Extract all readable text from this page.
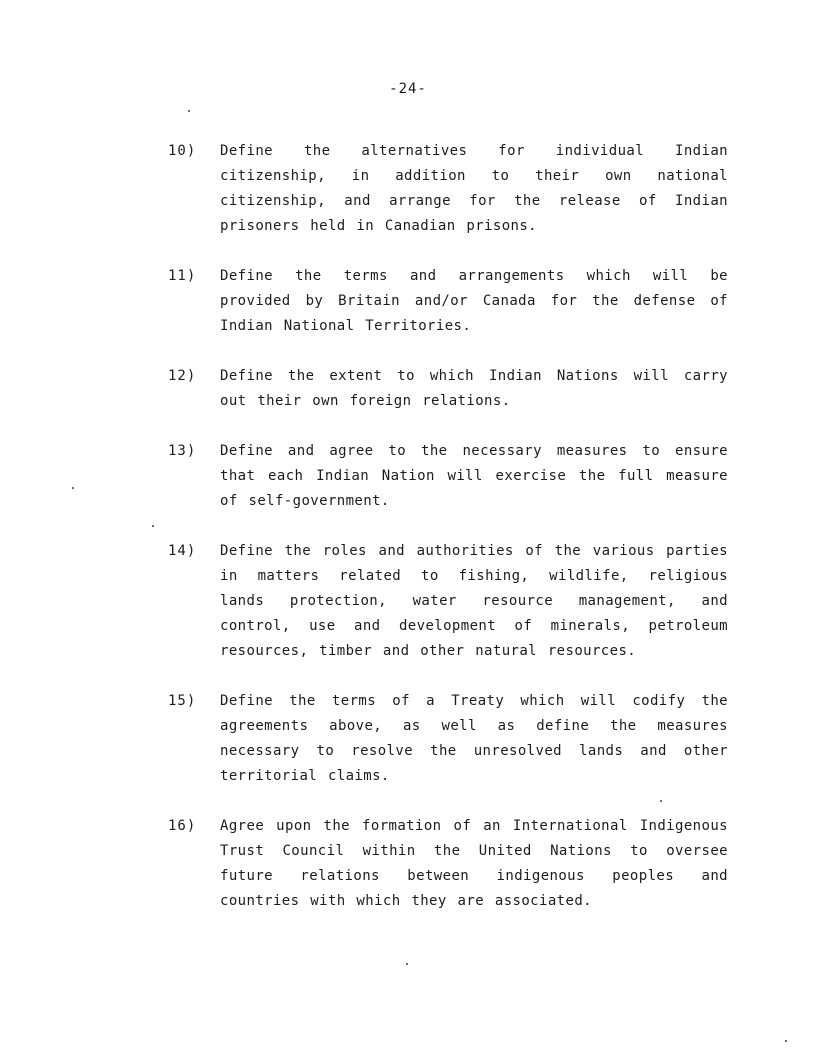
-24-
10)	Define the alternatives for individual Indian citizenship, in addition to their own national citizenship, and arrange for the release of Indian prisoners held in Canadian prisons.
11)	Define the terms and arrangements which will be provided by Britain and/or Canada for the defense of Indian National Territories.
12)	Define the extent to which Indian Nations will carry out their own foreign relations.
13)	Define and agree to the necessary measures to ensure that each Indian Nation will exercise the full measure of self-government.
14)	Define the roles and authorities of the various parties in matters related to fishing, wildlife, religious lands protection, water resource management, and control, use and development of minerals, petroleum resources, timber and other natural resources.
15)	Define the terms of a Treaty which will codify the agreements above, as well as define the measures necessary to resolve the unresolved lands and other territorial claims.
16)	Agree upon the formation of an International Indigenous Trust Council within the United Nations to oversee future relations between indigenous peoples and countries with which they are associated.
